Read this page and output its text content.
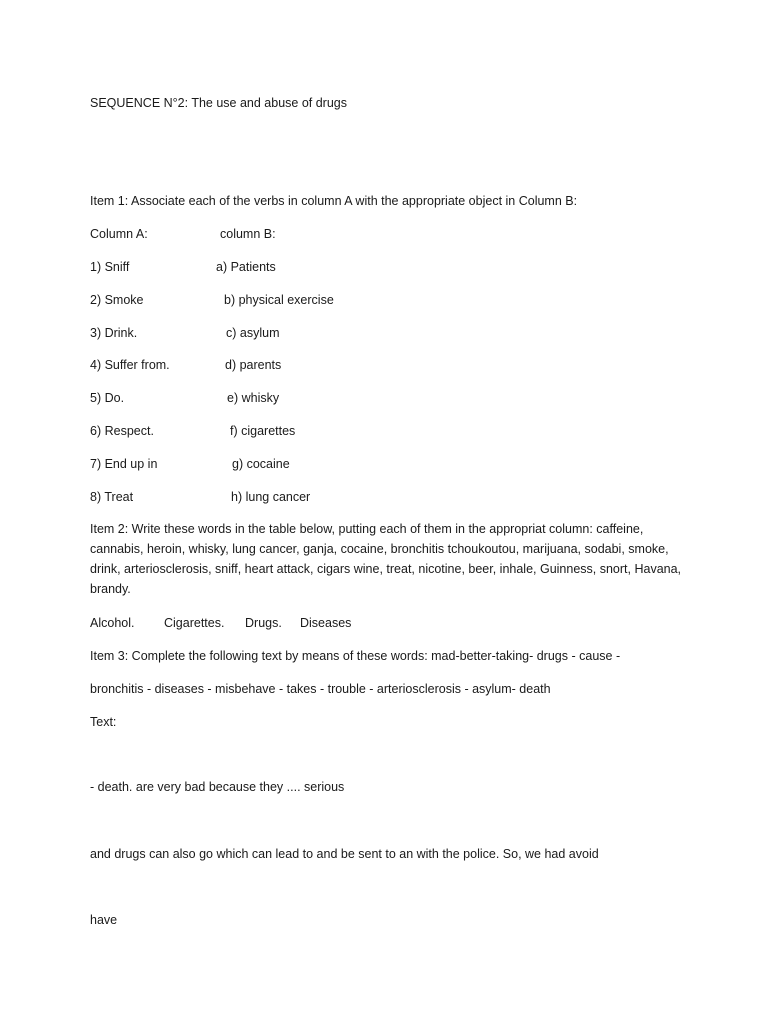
SEQUENCE N°2: The use and abuse of drugs
Item 1: Associate each of the verbs in column A with the appropriate object in Column B:
Column A:	column B:
1) Sniff	a) Patients
2) Smoke	b) physical exercise
3) Drink.	c) asylum
4) Suffer from.	d) parents
5) Do.	e) whisky
6) Respect.	f) cigarettes
7) End up in	g) cocaine
8) Treat	h) lung cancer
Item 2: Write these words in the table below, putting each of them in the appropriat column: caffeine, cannabis, heroin, whisky, lung cancer, ganja, cocaine, bronchitis tchoukoutou, marijuana, sodabi, smoke, drink, arteriosclerosis, sniff, heart attack, cigars wine, treat, nicotine, beer, inhale, Guinness, snort, Havana, brandy.
Alcohol. Cigarettes. Drugs. Diseases
Item 3: Complete the following text by means of these words: mad-better-taking- drugs - cause -
bronchitis - diseases - misbehave - takes - trouble - arteriosclerosis - asylum- death
Text:
- death. are very bad because they .... serious
and drugs can also go which can lead to and be sent to an with the police. So, we had avoid
have
